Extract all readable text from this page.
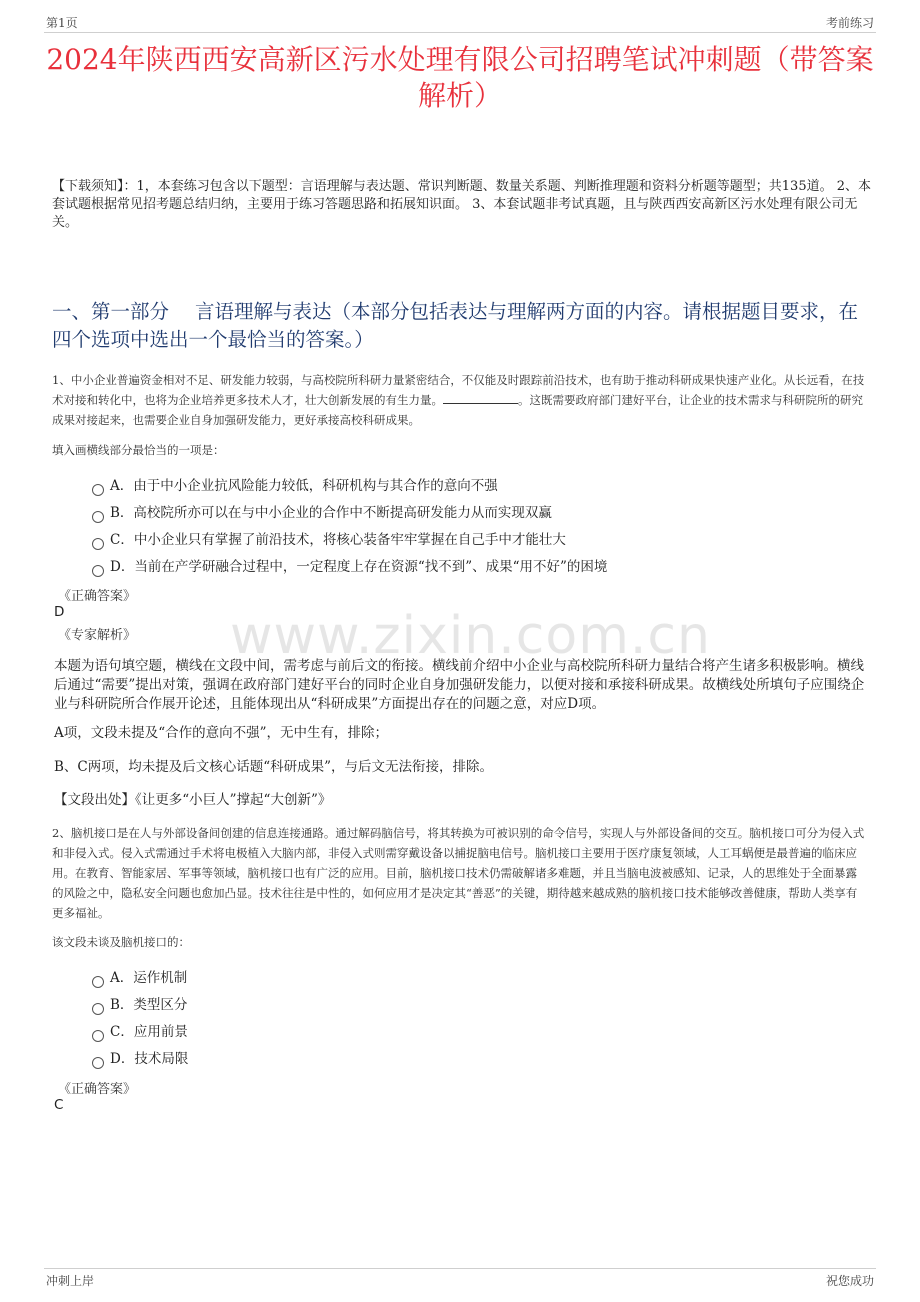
第1页	考前练习
2024年陕西西安高新区污水处理有限公司招聘笔试冲刺题（带答案解析）
【下载须知】：1，本套练习包含以下题型：言语理解与表达题、常识判断题、数量关系题、判断推理题和资料分析题等题型；共135道。 2、本套试题根据常见招考题总结归纳，主要用于练习答题思路和拓展知识面。 3、本套试题非考试真题，且与陕西西安高新区污水处理有限公司无关。
一、第一部分 言语理解与表达（本部分包括表达与理解两方面的内容。请根据题目要求，在四个选项中选出一个最恰当的答案。）
1、中小企业普遍资金相对不足、研发能力较弱，与高校院所科研力量紧密结合，不仅能及时跟踪前沿技术，也有助于推动科研成果快速产业化。从长远看，在技术对接和转化中，也将为企业培养更多技术人才，壮大创新发展的有生力量。	。这既需要政府部门建好平台，让企业的技术需求与科研院所的研究成果对接起来，也需要企业自身加强研发能力，更好承接高校科研成果。
填入画横线部分最恰当的一项是：
A．由于中小企业抗风险能力较低，科研机构与其合作的意向不强
B．高校院所亦可以在与中小企业的合作中不断提高研发能力从而实现双赢
C．中小企业只有掌握了前沿技术，将核心装备牢牢掌握在自己手中才能壮大
D．当前在产学研融合过程中，一定程度上存在资源“找不到”、成果“用不好”的困境
《正确答案》
D
《专家解析》 www.zixin.com.cn
本题为语句填空题，横线在文段中间，需考虑与前后文的衔接。横线前介绍中小企业与高校院所科研力量结合将产生诸多积极影响。横线后通过“需要”提出对策，强调在政府部门建好平台的同时企业自身加强研发能力，以便对接和承接科研成果。故横线处所填句子应围绕企业与科研院所合作展开论述，且能体现出从“科研成果”方面提出存在的问题之意，对应D项。
A项，文段未提及“合作的意向不强”，无中生有，排除；
B、C两项，均未提及后文核心话题“科研成果”，与后文无法衔接，排除。
【文段出处】《让更多“小巨人”撑起“大创新”》
2、脑机接口是在人与外部设备间创建的信息连接通路。通过解码脑信号，将其转换为可被识别的命令信号，实现人与外部设备间的交互。脑机接口可分为侵入式和非侵入式。侵入式需通过手术将电极植入大脑内部，非侵入式则需穿戴设备以捕捉脑电信号。脑机接口主要用于医疗康复领域，人工耳蜗便是最普遍的临床应用。在教育、智能家居、军事等领域，脑机接口也有广泛的应用。目前，脑机接口技术仍需破解诸多难题，并且当脑电波被感知、记录，人的思维处于全面暴露的风险之中，隐私安全问题也愈加凸显。技术往往是中性的，如何应用才是决定其“善恶”的关键，期待越来越成熟的脑机接口技术能够改善健康，帮助人类享有更多福祉。
该文段未谈及脑机接口的：
A．运作机制
B．类型区分
C．应用前景
D．技术局限
《正确答案》
C
冲刺上岸	祝您成功
